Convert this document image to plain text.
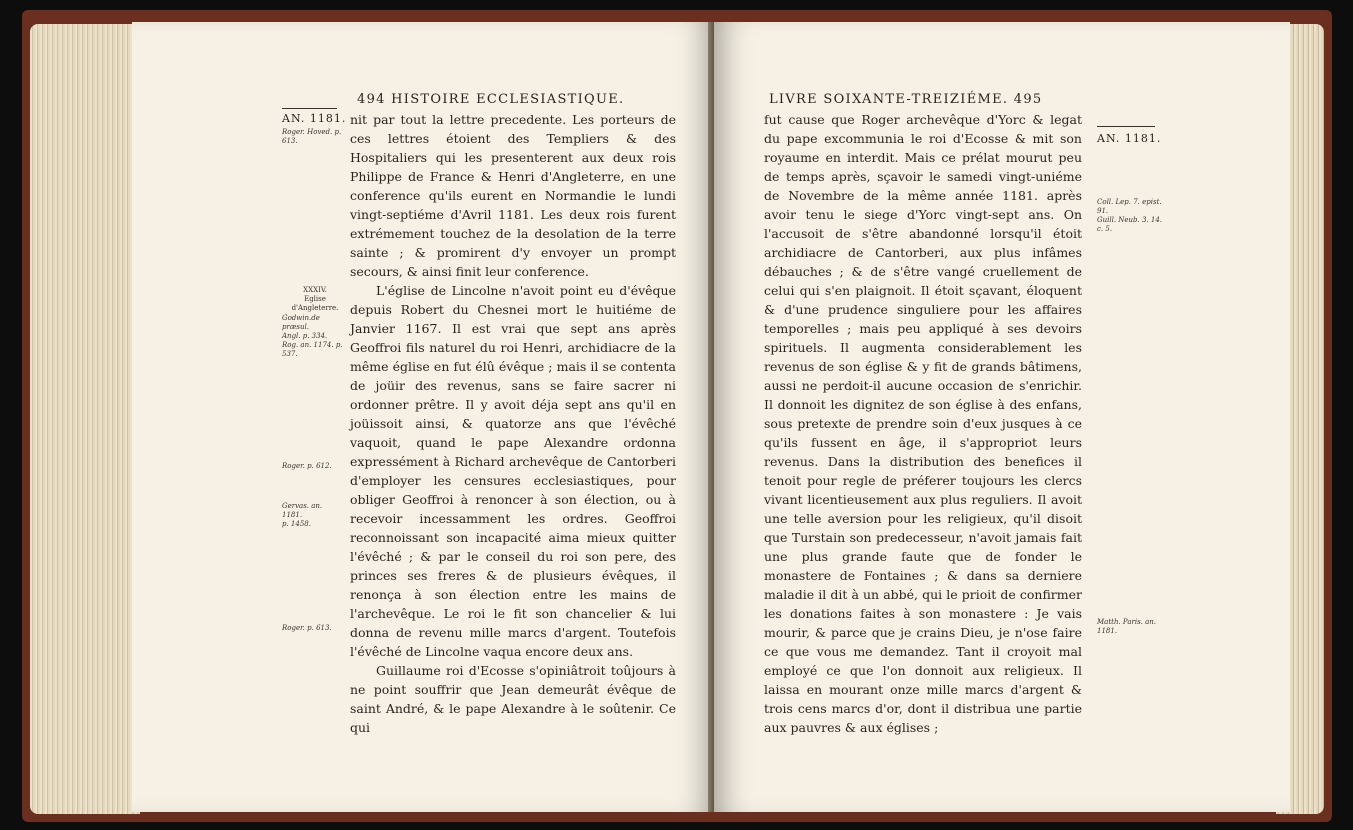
494 HISTOIRE ECCLESIASTIQUE.
AN. 1181.
Roger. Hoved. p. 613.
XXXIV.
Eglise d'Angleterre.
Godwin.de præsul.
Angl. p. 334.
Rog. an. 1174. p.
537.
Roger. p. 612.
Gervas. an. 1181.
p. 1458.
Roger. p. 613.

nit par tout la lettre precedente. Les porteurs de ces lettres étoient des Templiers & des Hospitaliers qui les presenterent aux deux rois Philippe de France & Henri d'Angleterre, en une conference qu'ils eurent en Normandie le lundi vingt-septiéme d'Avril 1181. Les deux rois furent extrémement touchez de la desolation de la terre sainte ; & promirent d'y envoyer un prompt secours, & ainsi finit leur conference.

L'église de Lincolne n'avoit point eu d'évêque depuis Robert du Chesnei mort le huitiéme de Janvier 1167. Il est vrai que sept ans après Geoffroi fils naturel du roi Henri, archidiacre de la même église en fut élû évêque ; mais il se contenta de joüir des revenus, sans se faire sacrer ni ordonner prêtre. Il y avoit déja sept ans qu'il en joüissoit ainsi, & quatorze ans que l'évêché vaquoit, quand le pape Alexandre ordonna expressément à Richard archevêque de Cantorberi d'employer les censures ecclesiastiques, pour obliger Geoffroi à renoncer à son élection, ou à recevoir incessamment les ordres. Geoffroi reconnoissant son incapacité aima mieux quitter l'évêché ; & par le conseil du roi son pere, des princes ses freres & de plusieurs évêques, il renonça à son élection entre les mains de l'archevêque. Le roi le fit son chancelier & lui donna de revenu mille marcs d'argent. Toutefois l'évêché de Lincolne vaqua encore deux ans.

Guillaume roi d'Ecosse s'opiniâtroit toûjours à ne point souffrir que Jean demeurât évêque de saint André, & le pape Alexandre à le soûtenir. Ce qui

LIVRE SOIXANTE-TREIZIÉME. 495
AN. 1181.
Coll. Lep. 7. epist.
91.
Guill. Neub. 3. 14.
c. 5.
Matth. Paris. an.
1181.

fut cause que Roger archevêque d'Yorc & legat du pape excommunia le roi d'Ecosse & mit son royaume en interdit. Mais ce prélat mourut peu de temps après, sçavoir le samedi vingt-uniéme de Novembre de la même année 1181. après avoir tenu le siege d'Yorc vingt-sept ans. On l'accusoit de s'être abandonné lorsqu'il étoit archidiacre de Cantorberi, aux plus infâmes débauches ; & de s'être vangé cruellement de celui qui s'en plaignoit. Il étoit sçavant, éloquent & d'une prudence singuliere pour les affaires temporelles ; mais peu appliqué à ses devoirs spirituels. Il augmenta considerablement les revenus de son église & y fit de grands bâtimens, aussi ne perdoit-il aucune occasion de s'enrichir. Il donnoit les dignitez de son église à des enfans, sous pretexte de prendre soin d'eux jusques à ce qu'ils fussent en âge, il s'appropriot leurs revenus. Dans la distribution des benefices il tenoit pour regle de préferer toujours les clercs vivant licentieusement aux plus reguliers. Il avoit une telle aversion pour les religieux, qu'il disoit que Turstain son predecesseur, n'avoit jamais fait une plus grande faute que de fonder le monastere de Fontaines ; & dans sa derniere maladie il dit à un abbé, qui le prioit de confirmer les donations faites à son monastere : Je vais mourir, & parce que je crains Dieu, je n'ose faire ce que vous me demandez. Tant il croyoit mal employé ce que l'on donnoit aux religieux. Il laissa en mourant onze mille marcs d'argent & trois cens marcs d'or, dont il distribua une partie aux pauvres & aux églises ;
